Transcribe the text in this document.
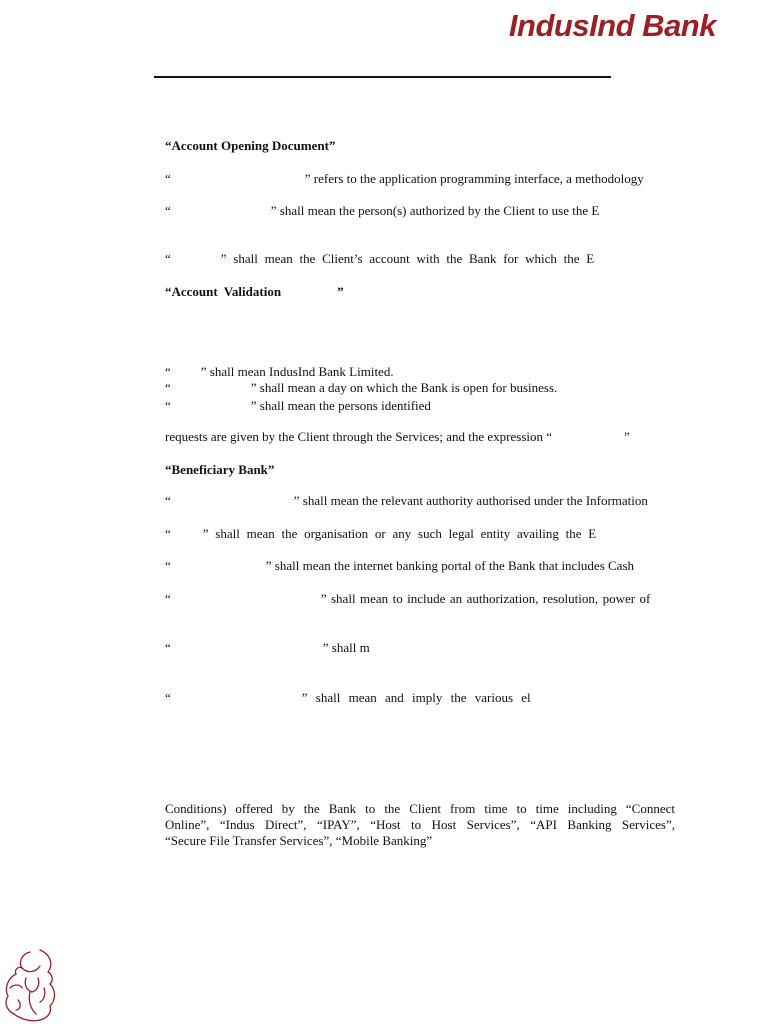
IndusInd Bank
“Account Opening Document”
“	” refers to the application programming interface, a methodology
“	” shall mean the person(s) authorized by the Client to use the E
“	” shall mean the Client’s account with the Bank for which the E
“Account Validation	”
“ ” shall mean IndusInd Bank Limited.
“	” shall mean a day on which the Bank is open for business.
“	” shall mean the persons identified
requests are given by the Client through the Services; and the expression “	”
“Beneficiary Bank”
“	” shall mean the relevant authority authorised under the Information
“ ” shall mean the organisation or any such legal entity availing the E
“	” shall mean the internet banking portal of the Bank that includes Cash
“	” shall mean to include an authorization, resolution, power of
“	” shall m
“	” shall mean and imply the various el
Conditions) offered by the Bank to the Client from time to time including “Connect
Online”, “Indus Direct”, “IPAY”, “Host to Host Services”, “API Banking Services”,
“Secure File Transfer Services”, “Mobile Banking”
